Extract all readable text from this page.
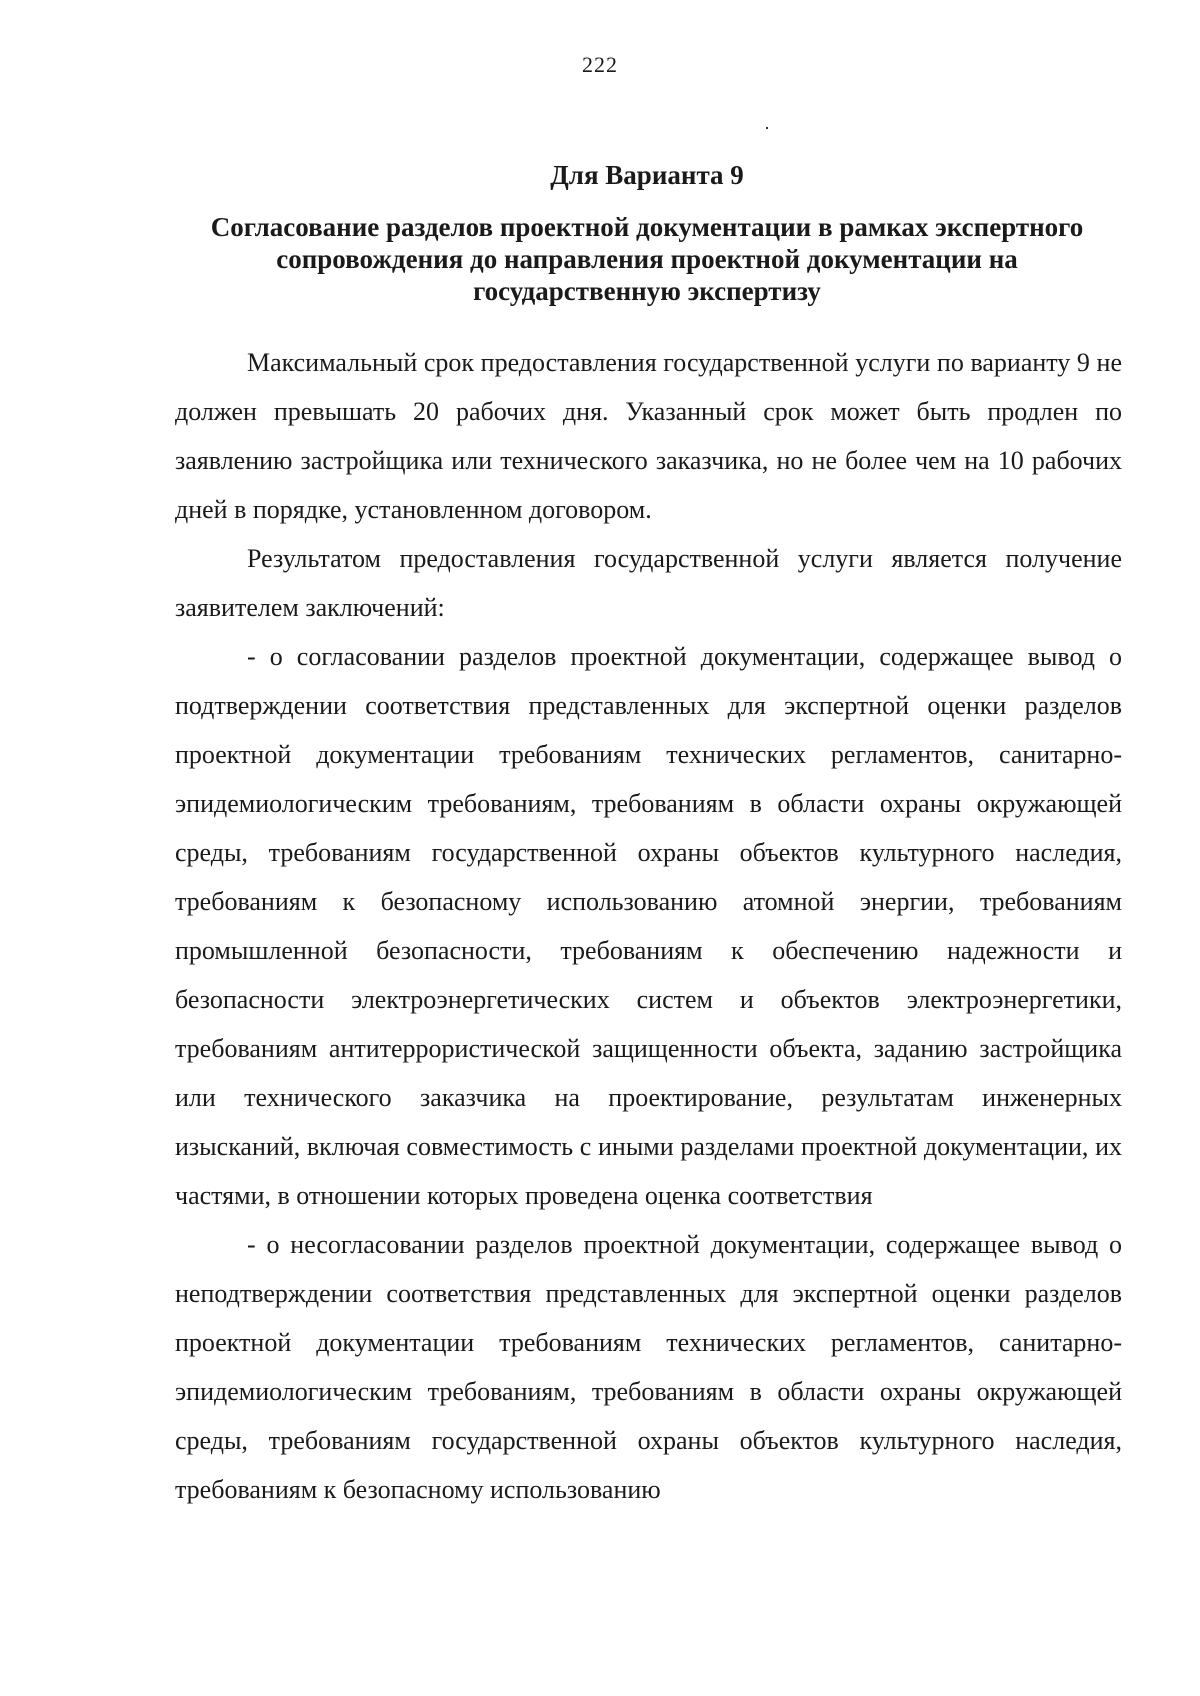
222
Для Варианта 9
Согласование разделов проектной документации в рамках экспертного сопровождения до направления проектной документации на государственную экспертизу

Максимальный срок предоставления государственной услуги по варианту 9 не должен превышать 20 рабочих дня. Указанный срок может быть продлен по заявлению застройщика или технического заказчика, но не более чем на 10 рабочих дней в порядке, установленном договором.

Результатом предоставления государственной услуги является получение заявителем заключений:

- о согласовании разделов проектной документации, содержащее вывод о подтверждении соответствия представленных для экспертной оценки разделов проектной документации требованиям технических регламентов, санитарно-эпидемиологическим требованиям, требованиям в области охраны окружающей среды, требованиям государственной охраны объектов культурного наследия, требованиям к безопасному использованию атомной энергии, требованиям промышленной безопасности, требованиям к обеспечению надежности и безопасности электроэнергетических систем и объектов электроэнергетики, требованиям антитеррористической защищенности объекта, заданию застройщика или технического заказчика на проектирование, результатам инженерных изысканий, включая совместимость с иными разделами проектной документации, их частями, в отношении которых проведена оценка соответствия

- о несогласовании разделов проектной документации, содержащее вывод о неподтверждении соответствия представленных для экспертной оценки разделов проектной документации требованиям технических регламентов, санитарно-эпидемиологическим требованиям, требованиям в области охраны окружающей среды, требованиям государственной охраны объектов культурного наследия, требованиям к безопасному использованию
